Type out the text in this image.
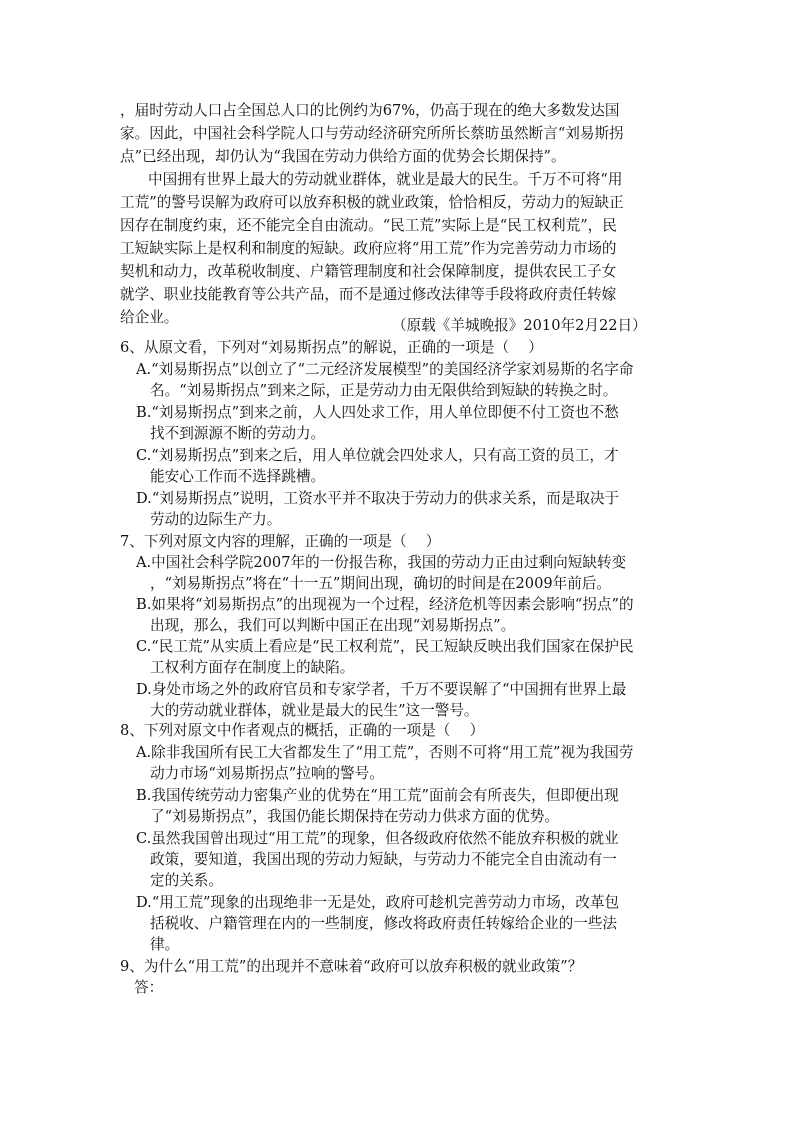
，届时劳动人口占全国总人口的比例约为67%，仍高于现在的绝大多数发达国
家。因此，中国社会科学院人口与劳动经济研究所所长蔡昉虽然断言“刘易斯拐
点”已经出现，却仍认为“我国在劳动力供给方面的优势会长期保持”。
中国拥有世界上最大的劳动就业群体，就业是最大的民生。千万不可将“用
工荒”的警号误解为政府可以放弃积极的就业政策，恰恰相反，劳动力的短缺正
因存在制度约束，还不能完全自由流动。“民工荒”实际上是“民工权利荒”，民
工短缺实际上是权利和制度的短缺。政府应将“用工荒”作为完善劳动力市场的
契机和动力，改革税收制度、户籍管理制度和社会保障制度，提供农民工子女
就学、职业技能教育等公共产品，而不是通过修改法律等手段将政府责任转嫁
给企业。	（原载《羊城晚报》2010年2月22日）
6、从原文看，下列对“刘易斯拐点”的解说，正确的一项是（　 ）
A.“刘易斯拐点”以创立了“二元经济发展模型”的美国经济学家刘易斯的名字命
名。“刘易斯拐点”到来之际，正是劳动力由无限供给到短缺的转换之时。
B.“刘易斯拐点”到来之前，人人四处求工作，用人单位即便不付工资也不愁
找不到源源不断的劳动力。
C.“刘易斯拐点”到来之后，用人单位就会四处求人，只有高工资的员工，才
能安心工作而不选择跳槽。
D.“刘易斯拐点”说明，工资水平并不取决于劳动力的供求关系，而是取决于
劳动的边际生产力。
7、下列对原文内容的理解，正确的一项是（　 ）
A.中国社会科学院2007年的一份报告称，我国的劳动力正由过剩向短缺转变
，“刘易斯拐点”将在“十一五”期间出现，确切的时间是在2009年前后。
B.如果将“刘易斯拐点”的出现视为一个过程，经济危机等因素会影响“拐点”的
出现，那么，我们可以判断中国正在出现“刘易斯拐点”。
C.“民工荒”从实质上看应是“民工权利荒”，民工短缺反映出我们国家在保护民
工权利方面存在制度上的缺陷。
D.身处市场之外的政府官员和专家学者，千万不要误解了“中国拥有世界上最
大的劳动就业群体，就业是最大的民生”这一警号。
8、下列对原文中作者观点的概括，正确的一项是（　 ）
A.除非我国所有民工大省都发生了“用工荒”，否则不可将“用工荒”视为我国劳
动力市场“刘易斯拐点”拉响的警号。
B.我国传统劳动力密集产业的优势在“用工荒”面前会有所丧失，但即便出现
了“刘易斯拐点”，我国仍能长期保持在劳动力供求方面的优势。
C.虽然我国曾出现过“用工荒”的现象，但各级政府依然不能放弃积极的就业
政策，要知道，我国出现的劳动力短缺，与劳动力不能完全自由流动有一
定的关系。
D.“用工荒”现象的出现绝非一无是处，政府可趁机完善劳动力市场，改革包
括税收、户籍管理在内的一些制度，修改将政府责任转嫁给企业的一些法
律。
9、为什么“用工荒”的出现并不意味着“政府可以放弃积极的就业政策”？
答：
